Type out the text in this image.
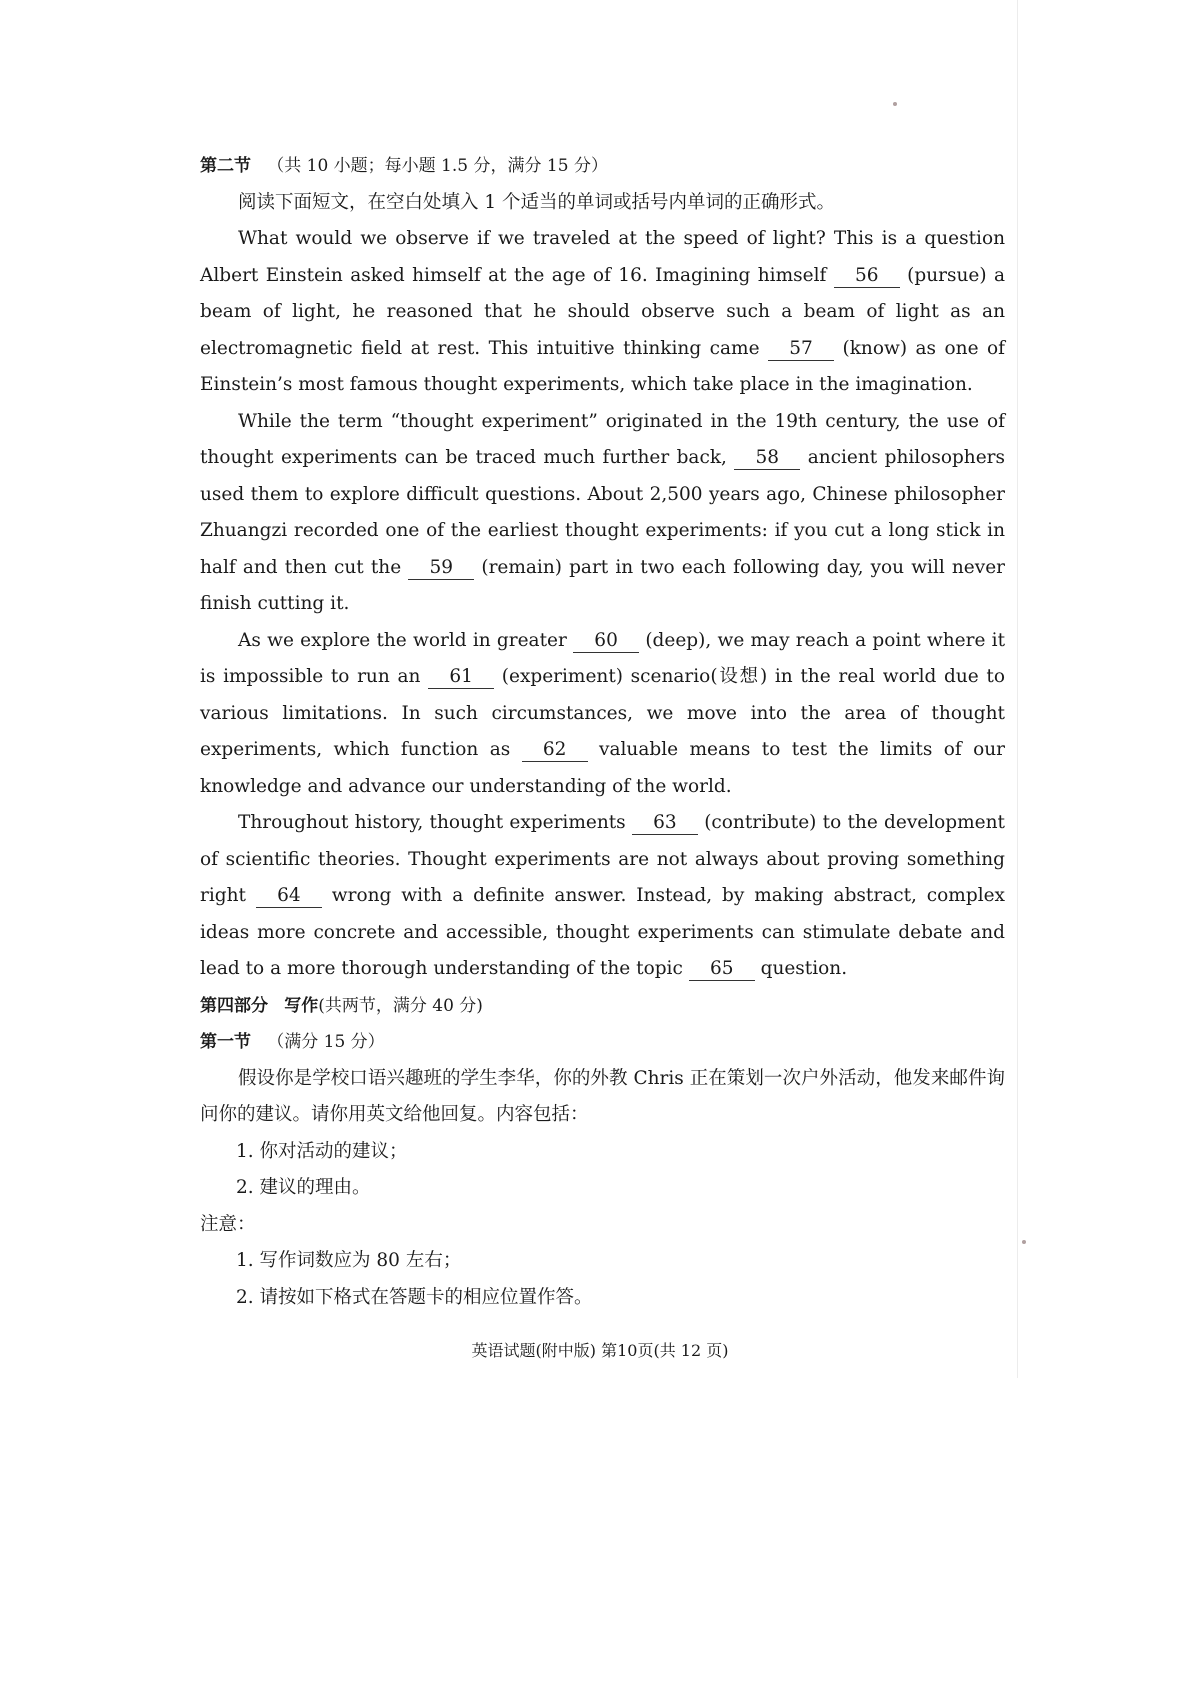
第二节 （共 10 小题；每小题 1.5 分，满分 15 分）

阅读下面短文，在空白处填入 1 个适当的单词或括号内单词的正确形式。

What would we observe if we traveled at the speed of light? This is a question Albert Einstein asked himself at the age of 16. Imagining himself 56 (pursue) a beam of light, he reasoned that he should observe such a beam of light as an electromagnetic field at rest. This intuitive thinking came 57 (know) as one of Einstein’s most famous thought experiments, which take place in the imagination.

While the term “thought experiment” originated in the 19th century, the use of thought experiments can be traced much further back, 58 ancient philosophers used them to explore difficult questions. About 2,500 years ago, Chinese philosopher Zhuangzi recorded one of the earliest thought experiments: if you cut a long stick in half and then cut the 59 (remain) part in two each following day, you will never finish cutting it.

As we explore the world in greater 60 (deep), we may reach a point where it is impossible to run an 61 (experiment) scenario(设想) in the real world due to various limitations. In such circumstances, we move into the area of thought experiments, which function as 62 valuable means to test the limits of our knowledge and advance our understanding of the world.

Throughout history, thought experiments 63 (contribute) to the development of scientific theories. Thought experiments are not always about proving something right 64 wrong with a definite answer. Instead, by making abstract, complex ideas more concrete and accessible, thought experiments can stimulate debate and lead to a more thorough understanding of the topic 65 question.

第四部分 写作(共两节，满分 40 分)

第一节 （满分 15 分）

假设你是学校口语兴趣班的学生李华，你的外教 Chris 正在策划一次户外活动，他发来邮件询问你的建议。请你用英文给他回复。内容包括：

1. 你对活动的建议；

2. 建议的理由。

注意：

1. 写作词数应为 80 左右；

2. 请按如下格式在答题卡的相应位置作答。

英语试题(附中版) 第10页(共 12 页)
